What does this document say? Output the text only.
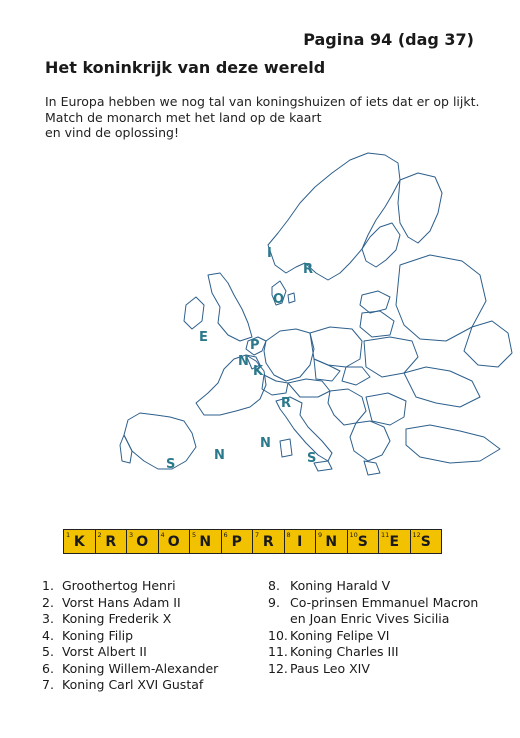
Pagina 94 (dag 37)
Het koninkrijk van deze wereld
In Europa hebben we nog tal van koningshuizen of iets dat er op lijkt.
Match de monarch met het land op de kaart
en vind de oplossing!
I
R
O
E
P
N
K
R
N
N
S	S
1 K 2 R 3 O 4 O 5 N 6 P 7 R 8 I 9 N 10 S 11 E 12 S
1. Groothertog Henri
2. Vorst Hans Adam II
3. Koning Frederik X
4. Koning Filip
5. Vorst Albert II
6. Koning Willem-Alexander
7. Koning Carl XVI Gustaf
8. Koning Harald V
9. Co-prinsen Emmanuel Macron
en Joan Enric Vives Sicilia
10. Koning Felipe VI
11. Koning Charles III
12. Paus Leo XIV
